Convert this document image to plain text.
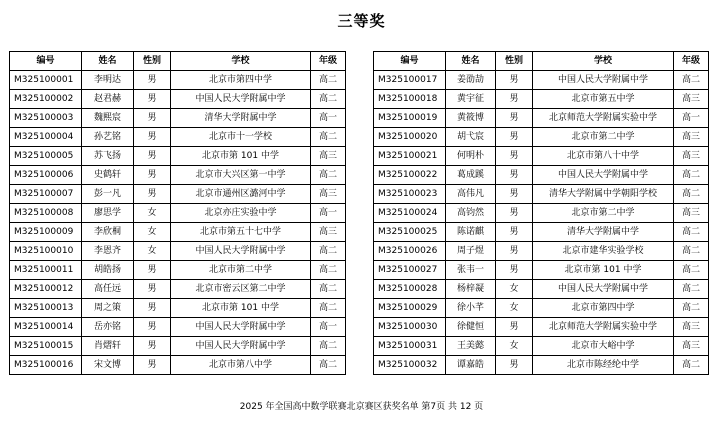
三等奖
编号	姓名	性别	学校	年级
M325100001	李明达	男	北京市第四中学	高二
M325100002	赵君赫	男	中国人民大学附属中学	高二
M325100003	魏熙宸	男	清华大学附属中学	高一
M325100004	孙艺铭	男	北京市十一学校	高二
M325100005	苏飞扬	男	北京市第 101 中学	高三
M325100006	史鹤轩	男	北京市大兴区第一中学	高二
M325100007	彭一凡	男	北京市通州区潞河中学	高三
M325100008	廖思学	女	北京亦庄实验中学	高一
M325100009	李欣桐	女	北京市第五十七中学	高三
M325100010	李恩齐	女	中国人民大学附属中学	高二
M325100011	胡皓扬	男	北京市第二中学	高二
M325100012	高任远	男	北京市密云区第二中学	高二
M325100013	周之策	男	北京市第 101 中学	高二
M325100014	岳亦铭	男	中国人民大学附属中学	高一
M325100015	肖熠轩	男	中国人民大学附属中学	高二
M325100016	宋文博	男	北京市第八中学	高二
编号	姓名	性别	学校	年级
M325100017	姜劭劼	男	中国人民大学附属中学	高二
M325100018	黄宇征	男	北京市第五中学	高三
M325100019	黄筱博	男	北京师范大学附属实验中学	高一
M325100020	胡弋宸	男	北京市第二中学	高三
M325100021	何明朴	男	北京市第八十中学	高三
M325100022	葛成蹊	男	中国人民大学附属中学	高二
M325100023	高伟凡	男	清华大学附属中学朝阳学校	高二
M325100024	高钧然	男	北京市第二中学	高三
M325100025	陈诺麒	男	清华大学附属中学	高二
M325100026	周子煜	男	北京市建华实验学校	高二
M325100027	张韦一	男	北京市第 101 中学	高二
M325100028	杨梓凝	女	中国人民大学附属中学	高二
M325100029	徐小芊	女	北京市第四中学	高二
M325100030	徐健恒	男	北京师范大学附属实验中学	高三
M325100031	王美懿	女	北京市大峪中学	高三
M325100032	谭嘉皓	男	北京市陈经纶中学	高二
2025 年全国高中数学联赛北京赛区获奖名单 第7页 共 12 页
